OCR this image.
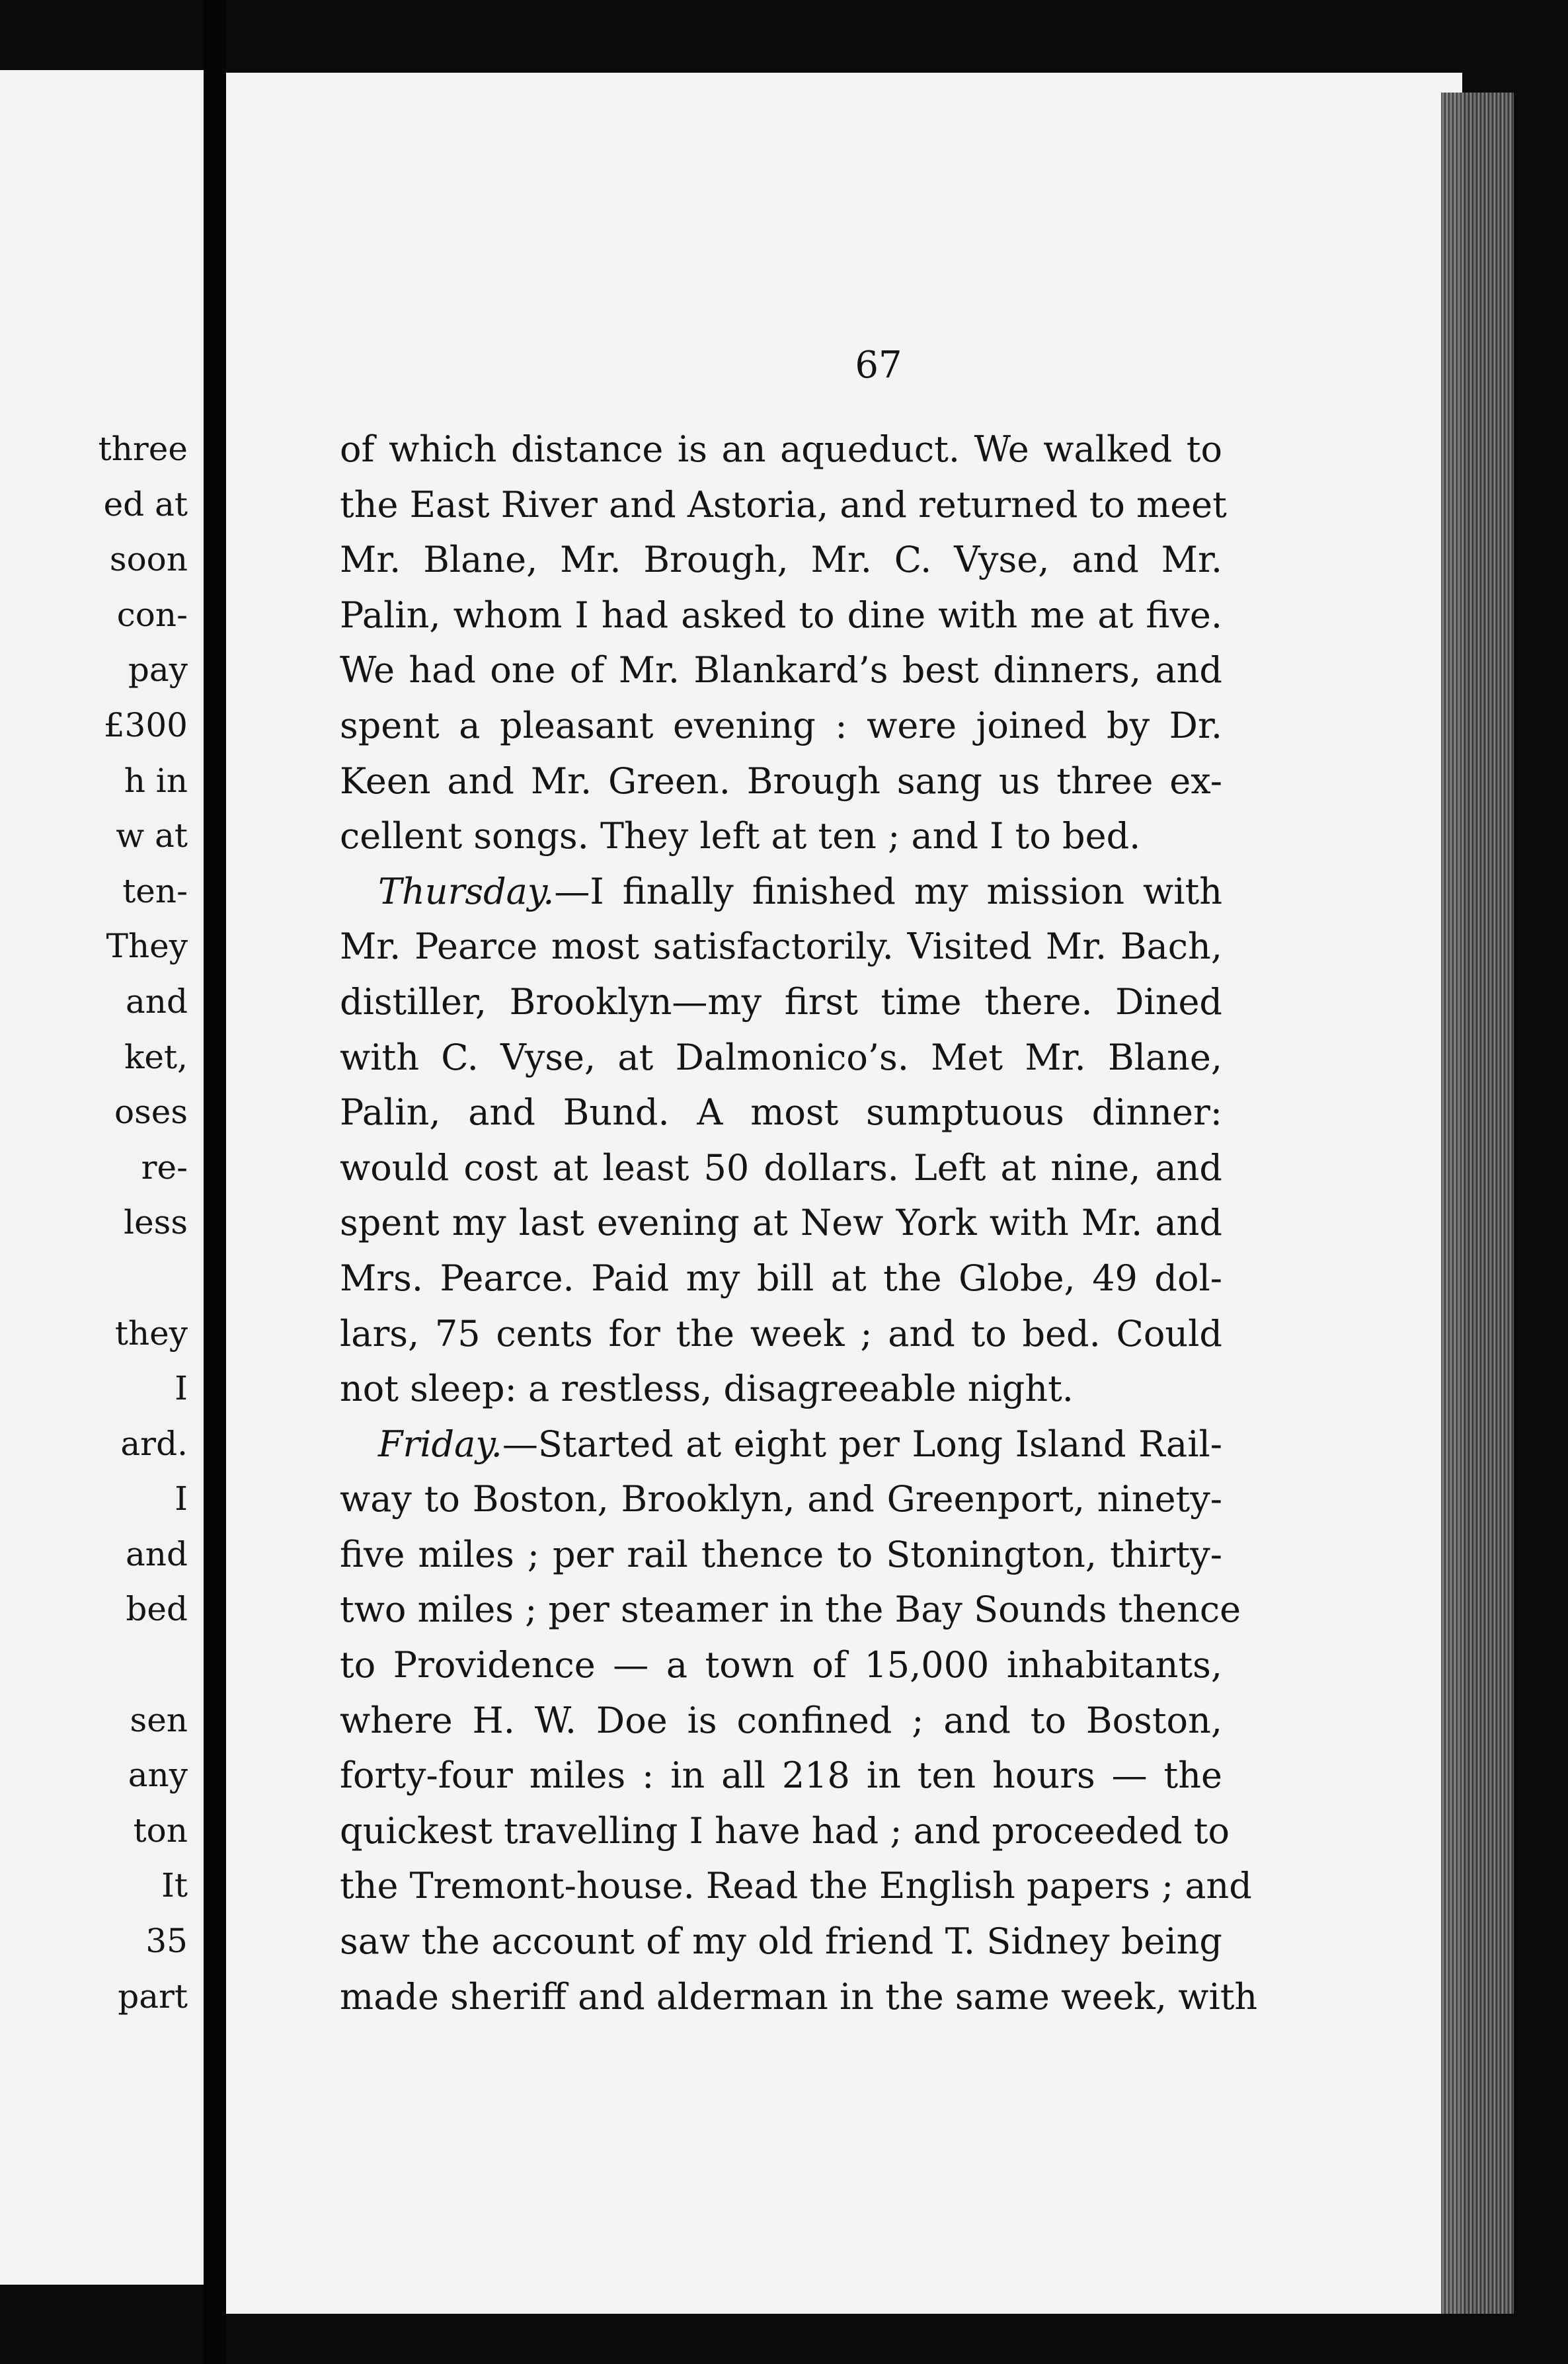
three
ed at
soon
con-
pay
£300
h in
w at
ten-
They
and
ket,
oses
re-
less
they
I
ard.
I
and
bed
sen
any
ton
It
35
part
67
of which distance is an aqueduct. We walked to
the East River and Astoria, and returned to meet
Mr. Blane, Mr. Brough, Mr. C. Vyse, and Mr.
Palin, whom I had asked to dine with me at five.
We had one of Mr. Blankard’s best dinners, and
spent a pleasant evening : were joined by Dr.
Keen and Mr. Green. Brough sang us three ex-
cellent songs. They left at ten ; and I to bed.
Thursday.—I finally finished my mission with
Mr. Pearce most satisfactorily. Visited Mr. Bach,
distiller, Brooklyn—my first time there. Dined
with C. Vyse, at Dalmonico’s. Met Mr. Blane,
Palin, and Bund. A most sumptuous dinner:
would cost at least 50 dollars. Left at nine, and
spent my last evening at New York with Mr. and
Mrs. Pearce. Paid my bill at the Globe, 49 dol-
lars, 75 cents for the week ; and to bed. Could
not sleep: a restless, disagreeable night.
Friday.—Started at eight per Long Island Rail-
way to Boston, Brooklyn, and Greenport, ninety-
five miles ; per rail thence to Stonington, thirty-
two miles ; per steamer in the Bay Sounds thence
to Providence — a town of 15,000 inhabitants,
where H. W. Doe is confined ; and to Boston,
forty-four miles : in all 218 in ten hours — the
quickest travelling I have had ; and proceeded to
the Tremont-house. Read the English papers ; and
saw the account of my old friend T. Sidney being
made sheriff and alderman in the same week, with
